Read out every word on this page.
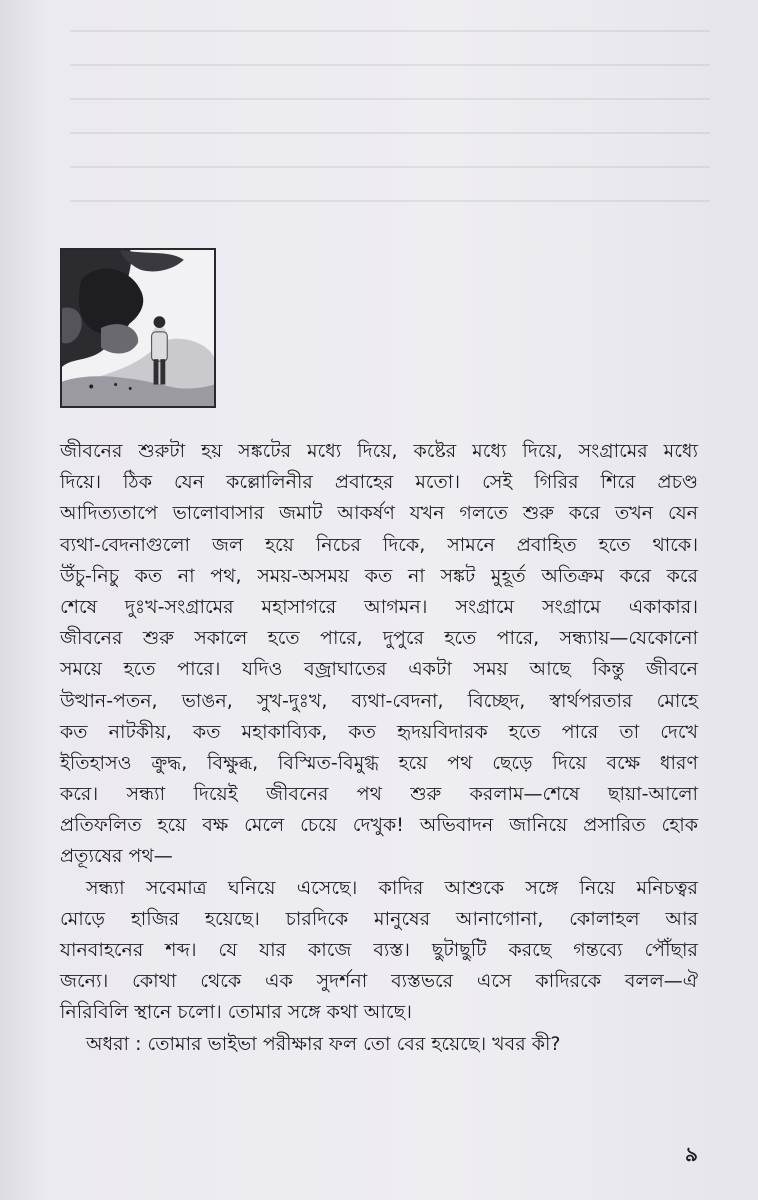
জীবনের শুরুটা হয় সঙ্কটের মধ্যে দিয়ে, কষ্টের মধ্যে দিয়ে, সংগ্রামের মধ্যে
দিয়ে। ঠিক যেন কল্লোলিনীর প্রবাহের মতো। সেই গিরির শিরে প্রচণ্ড
আদিত্যতাপে ভালোবাসার জমাট আকর্ষণ যখন গলতে শুরু করে তখন যেন
ব্যথা-বেদনাগুলো জল হয়ে নিচের দিকে, সামনে প্রবাহিত হতে থাকে।
উঁচু-নিচু কত না পথ, সময়-অসময় কত না সঙ্কট মুহূর্ত অতিক্রম করে করে
শেষে দুঃখ-সংগ্রামের মহাসাগরে আগমন। সংগ্রামে সংগ্রামে একাকার।
জীবনের শুরু সকালে হতে পারে, দুপুরে হতে পারে, সন্ধ্যায়—যেকোনো
সময়ে হতে পারে। যদিও বজ্রাঘাতের একটা সময় আছে কিন্তু জীবনে
উত্থান-পতন, ভাঙন, সুখ-দুঃখ, ব্যথা-বেদনা, বিচ্ছেদ, স্বার্থপরতার মোহে
কত নাটকীয়, কত মহাকাব্যিক, কত হৃদয়বিদারক হতে পারে তা দেখে
ইতিহাসও ক্রুদ্ধ, বিক্ষুব্ধ, বিস্মিত-বিমুগ্ধ হয়ে পথ ছেড়ে দিয়ে বক্ষে ধারণ
করে। সন্ধ্যা দিয়েই জীবনের পথ শুরু করলাম—শেষে ছায়া-আলো
প্রতিফলিত হয়ে বক্ষ মেলে চেয়ে দেখুক! অভিবাদন জানিয়ে প্রসারিত হোক
প্রত্যূষের পথ—
সন্ধ্যা সবেমাত্র ঘনিয়ে এসেছে। কাদির আশুকে সঙ্গে নিয়ে মনিচত্বর
মোড়ে হাজির হয়েছে। চারদিকে মানুষের আনাগোনা, কোলাহল আর
যানবাহনের শব্দ। যে যার কাজে ব্যস্ত। ছুটাছুটি করছে গন্তব্যে পৌঁছার
জন্যে। কোথা থেকে এক সুদর্শনা ব্যস্তভরে এসে কাদিরকে বলল—ঐ
নিরিবিলি স্থানে চলো। তোমার সঙ্গে কথা আছে।
অধরা : তোমার ভাইভা পরীক্ষার ফল তো বের হয়েছে। খবর কী?
৯
